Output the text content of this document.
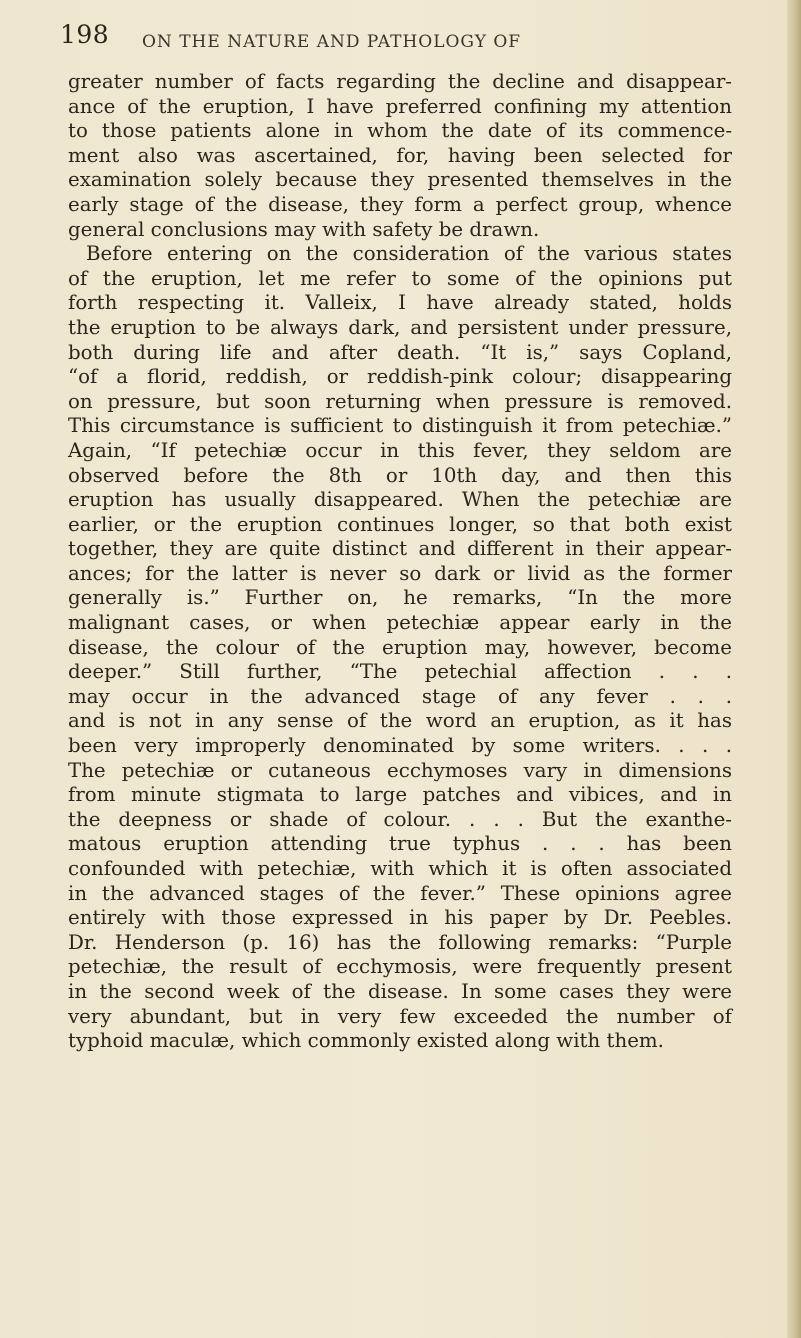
198 ON THE NATURE AND PATHOLOGY OF
greater number of facts regarding the decline and disappear-
ance of the eruption, I have preferred confining my attention
to those patients alone in whom the date of its commence-
ment also was ascertained, for, having been selected for
examination solely because they presented themselves in the
early stage of the disease, they form a perfect group, whence
general conclusions may with safety be drawn.
Before entering on the consideration of the various states
of the eruption, let me refer to some of the opinions put
forth respecting it. Valleix, I have already stated, holds
the eruption to be always dark, and persistent under pressure,
both during life and after death. “It is,” says Copland,
“of a florid, reddish, or reddish-pink colour; disappearing
on pressure, but soon returning when pressure is removed.
This circumstance is sufficient to distinguish it from petechiæ.”
Again, “If petechiæ occur in this fever, they seldom are
observed before the 8th or 10th day, and then this
eruption has usually disappeared. When the petechiæ are
earlier, or the eruption continues longer, so that both exist
together, they are quite distinct and different in their appear-
ances; for the latter is never so dark or livid as the former
generally is.” Further on, he remarks, “In the more
malignant cases, or when petechiæ appear early in the
disease, the colour of the eruption may, however, become
deeper.” Still further, “The petechial affection . . .
may occur in the advanced stage of any fever . . .
and is not in any sense of the word an eruption, as it has
been very improperly denominated by some writers. . . .
The petechiæ or cutaneous ecchymoses vary in dimensions
from minute stigmata to large patches and vibices, and in
the deepness or shade of colour. . . . But the exanthe-
matous eruption attending true typhus . . . has been
confounded with petechiæ, with which it is often associated
in the advanced stages of the fever.” These opinions agree
entirely with those expressed in his paper by Dr. Peebles.
Dr. Henderson (p. 16) has the following remarks: “Purple
petechiæ, the result of ecchymosis, were frequently present
in the second week of the disease. In some cases they were
very abundant, but in very few exceeded the number of
typhoid maculæ, which commonly existed along with them.
